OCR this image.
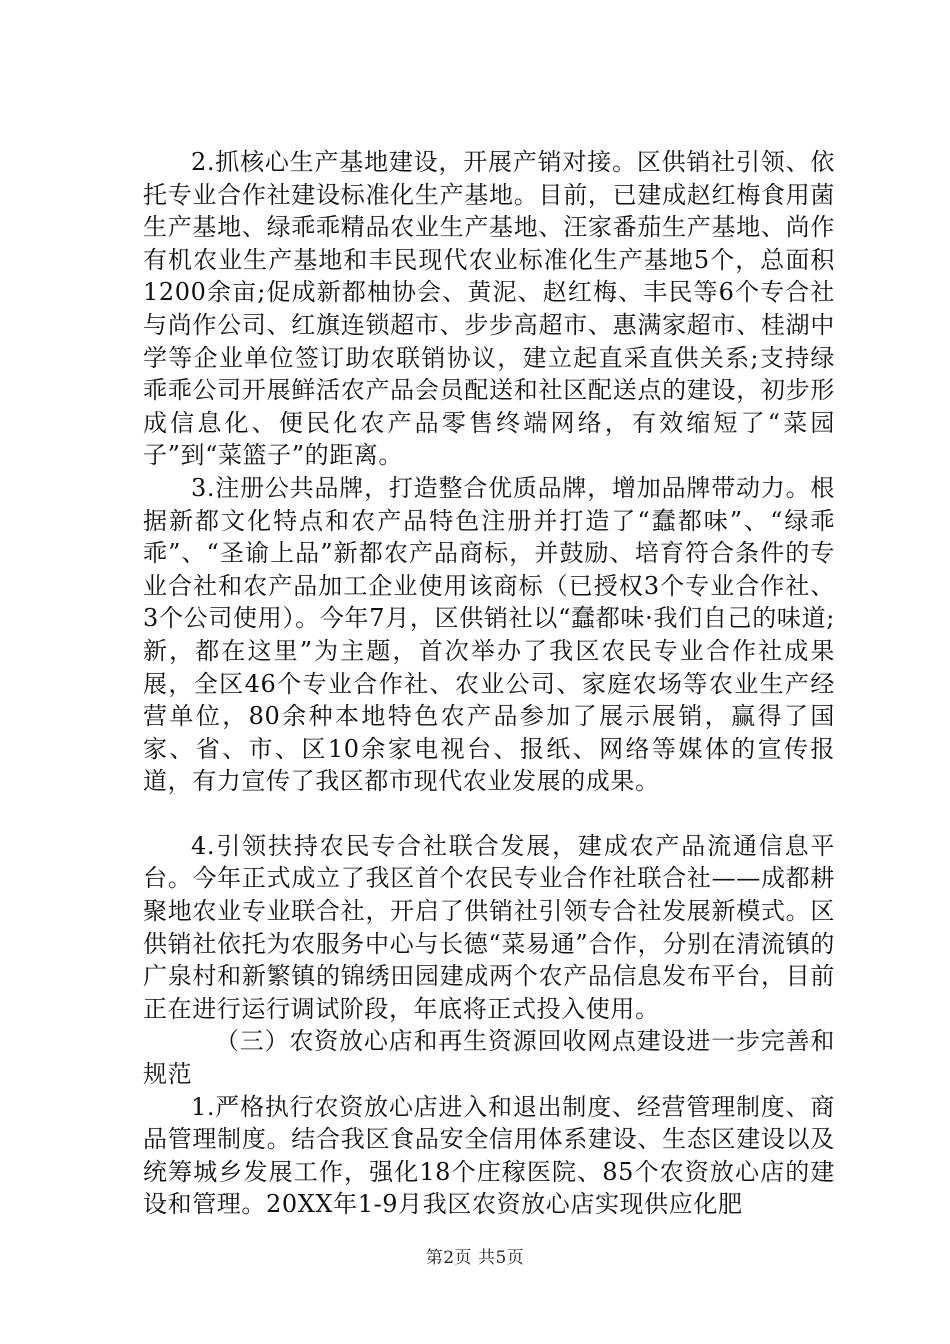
2.抓核心生产基地建设，开展产销对接。区供销社引领、依托专业合作社建设标准化生产基地。目前，已建成赵红梅食用菌生产基地、绿乖乖精品农业生产基地、汪家番茄生产基地、尚作有机农业生产基地和丰民现代农业标准化生产基地5个，总面积1200余亩;促成新都柚协会、黄泥、赵红梅、丰民等6个专合社与尚作公司、红旗连锁超市、步步高超市、惠满家超市、桂湖中学等企业单位签订助农联销协议，建立起直采直供关系;支持绿乖乖公司开展鲜活农产品会员配送和社区配送点的建设，初步形成信息化、便民化农产品零售终端网络，有效缩短了“菜园子”到“菜篮子”的距离。

3.注册公共品牌，打造整合优质品牌，增加品牌带动力。根据新都文化特点和农产品特色注册并打造了“蠢都味”、“绿乖乖”、“圣谕上品”新都农产品商标，并鼓励、培育符合条件的专业合社和农产品加工企业使用该商标（已授权3个专业合作社、3个公司使用）。今年7月，区供销社以“蠢都味·我们自己的味道;新，都在这里”为主题，首次举办了我区农民专业合作社成果展，全区46个专业合作社、农业公司、家庭农场等农业生产经营单位，80余种本地特色农产品参加了展示展销，赢得了国家、省、市、区10余家电视台、报纸、网络等媒体的宣传报道，有力宣传了我区都市现代农业发展的成果。

4.引领扶持农民专合社联合发展，建成农产品流通信息平台。今年正式成立了我区首个农民专业合作社联合社——成都耕聚地农业专业联合社，开启了供销社引领专合社发展新模式。区供销社依托为农服务中心与长德“菜易通”合作，分别在清流镇的广泉村和新繁镇的锦绣田园建成两个农产品信息发布平台，目前正在进行运行调试阶段，年底将正式投入使用。

（三）农资放心店和再生资源回收网点建设进一步完善和规范

1.严格执行农资放心店进入和退出制度、经营管理制度、商品管理制度。结合我区食品安全信用体系建设、生态区建设以及统筹城乡发展工作，强化18个庄稼医院、85个农资放心店的建设和管理。20XX年1-9月我区农资放心店实现供应化肥

第2页 共5页
